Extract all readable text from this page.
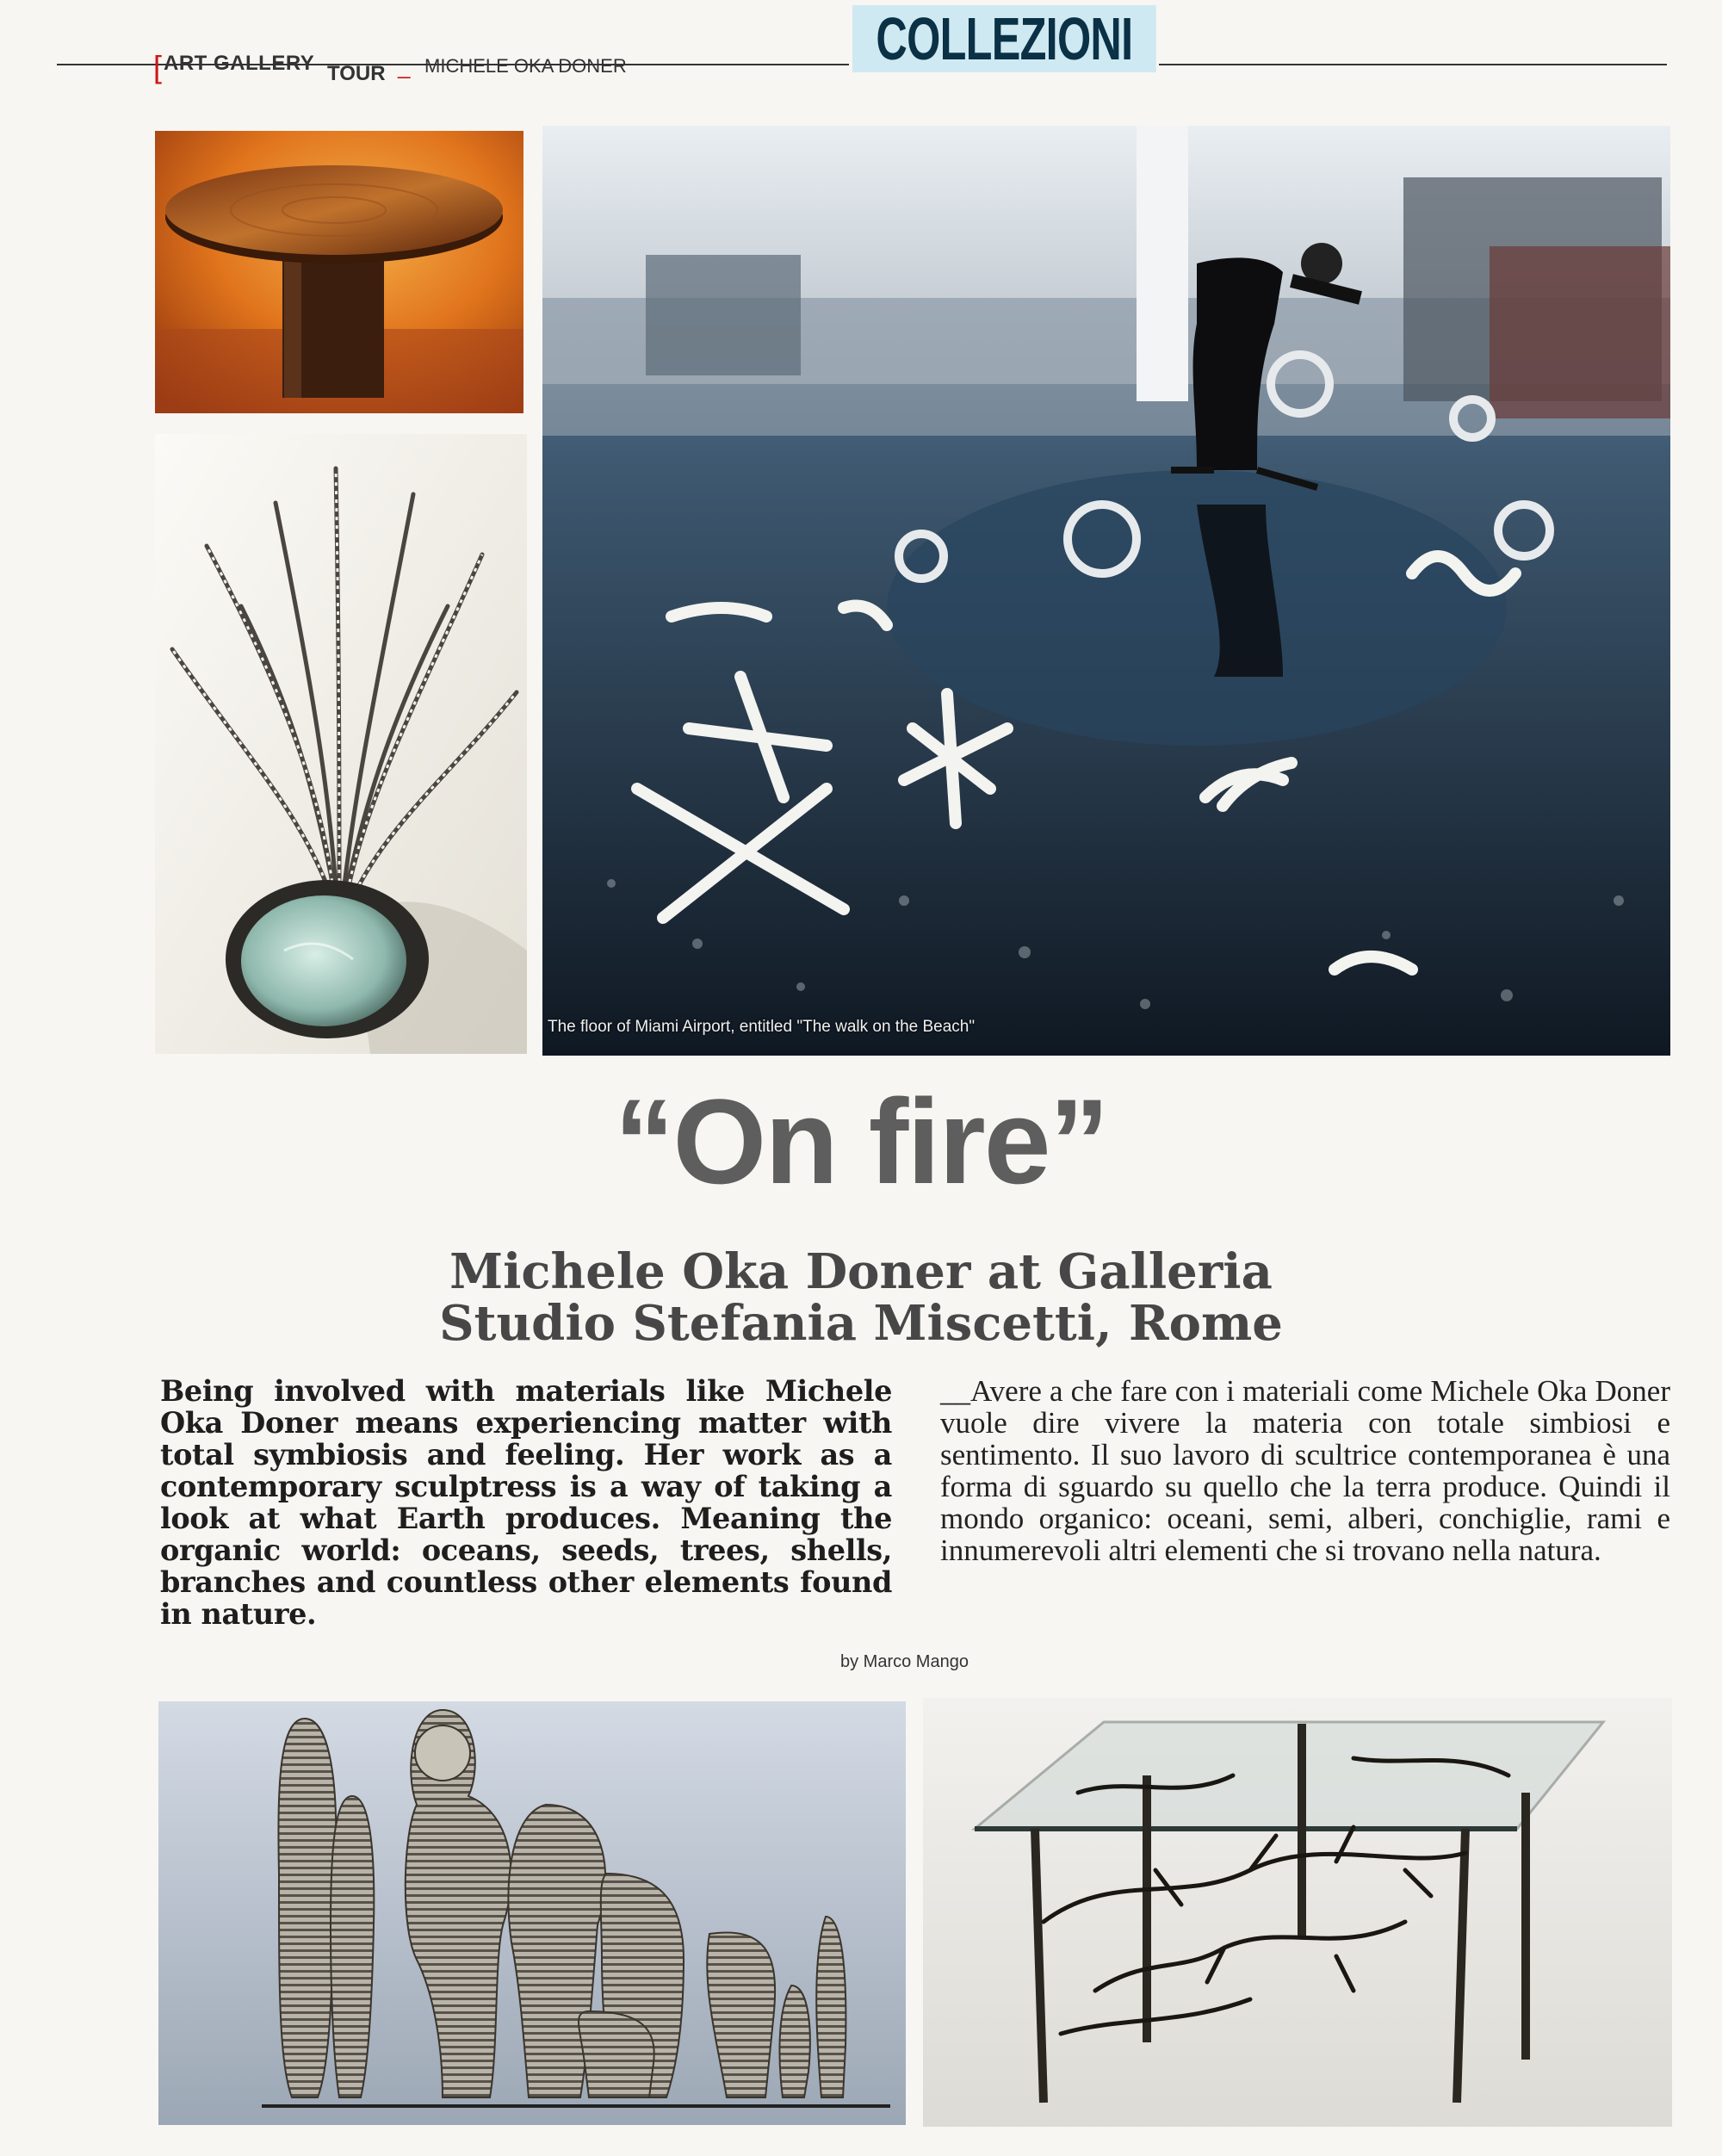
[ ART GALLERY TOUR _ MICHELE OKA DONER	COLLEZIONI
The floor of Miami Airport, entitled "The walk on the Beach"
“On fire”
Michele Oka Doner at Galleria
Studio Stefania Miscetti, Rome
Being involved with materials like Michele Oka Doner means experiencing matter with total symbiosis and feeling. Her work as a contemporary sculptress is a way of taking a look at what Earth produces. Meaning the organic world: oceans, seeds, trees, shells, branches and countless other elements found in nature.
__Avere a che fare con i materiali come Michele Oka Doner vuole dire vivere la materia con totale simbiosi e sentimento. Il suo lavoro di scultrice contemporanea è una forma di sguardo su quello che la terra produce. Quindi il mondo organico: oceani, semi, alberi, conchiglie, rami e innumerevoli altri elementi che si trovano nella natura.
by Marco Mango
